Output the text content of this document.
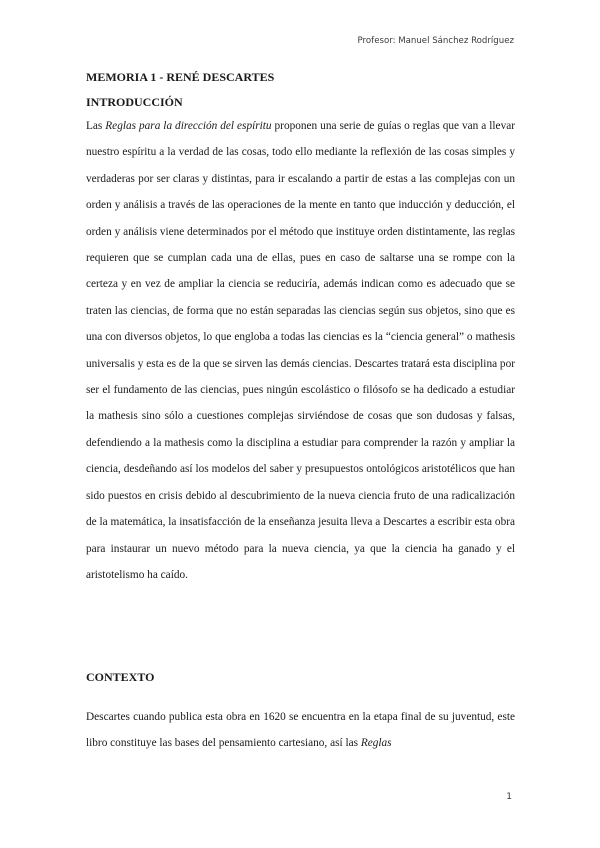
Profesor: Manuel Sánchez Rodríguez
MEMORIA 1 - RENÉ DESCARTES
INTRODUCCIÓN

Las Reglas para la dirección del espíritu proponen una serie de guías o reglas que van a llevar nuestro espíritu a la verdad de las cosas, todo ello mediante la reflexión de las cosas simples y verdaderas por ser claras y distintas, para ir escalando a partir de estas a las complejas con un orden y análisis a través de las operaciones de la mente en tanto que inducción y deducción, el orden y análisis viene determinados por el método que instituye orden distintamente, las reglas requieren que se cumplan cada una de ellas, pues en caso de saltarse una se rompe con la certeza y en vez de ampliar la ciencia se reduciría, además indican como es adecuado que se traten las ciencias, de forma que no están separadas las ciencias según sus objetos, sino que es una con diversos objetos, lo que engloba a todas las ciencias es la “ciencia general” o mathesis universalis y esta es de la que se sirven las demás ciencias. Descartes tratará esta disciplina por ser el fundamento de las ciencias, pues ningún escolástico o filósofo se ha dedicado a estudiar la mathesis sino sólo a cuestiones complejas sirviéndose de cosas que son dudosas y falsas, defendiendo a la mathesis como la disciplina a estudiar para comprender la razón y ampliar la ciencia, desdeñando así los modelos del saber y presupuestos ontológicos aristotélicos que han sido puestos en crisis debido al descubrimiento de la nueva ciencia fruto de una radicalización de la matemática, la insatisfacción de la enseñanza jesuita lleva a Descartes a escribir esta obra para instaurar un nuevo método para la nueva ciencia, ya que la ciencia ha ganado y el aristotelismo ha caído.

CONTEXTO

Descartes cuando publica esta obra en 1620 se encuentra en la etapa final de su juventud, este libro constituye las bases del pensamiento cartesiano, así las Reglas

1
